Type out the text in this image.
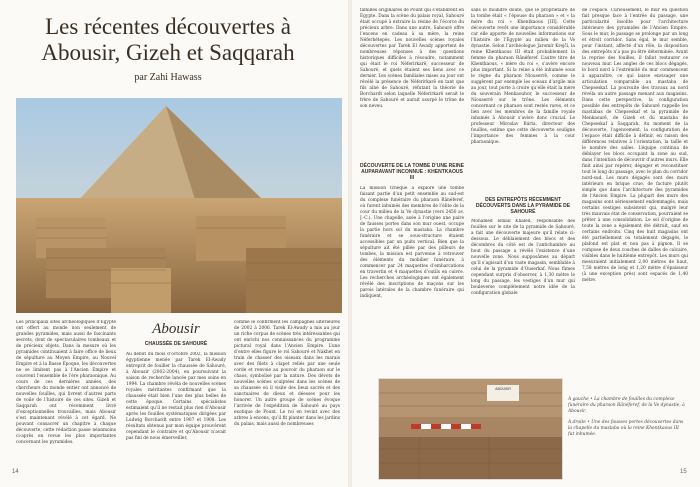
Les récentes découvertes à Abousir, Gizeh et Saqqarah
par Zahi Hawass

Les principaux sites archéologiques d’Égypte ont offert au monde non seulement de grandes pyramides, mais aussi de fascinants secrets, dont de spectaculaires tombeaux et de précieux objets. Dans la mesure où les pyramides continuaient à faire office de lieux de sépulture au Moyen Empire, au Nouvel Empire et à la Basse Époque, les découvertes ne se limitent pas à l’Ancien Empire et couvrent l’ensemble de l’ère pharaonique. Au cours de ces dernières années, des chercheurs du monde entier ont annoncé de nouvelles fouilles, qui livrent d’autres parts de voile de l’histoire de ces sites. Gizeh et Saqqarah ont récemment livré d’exceptionnelles trouvailles, mais Abousir s’est maintenant révélé à cet égard. Ne pouvant consacrer un chapitre à chaque découverte, cette rédaction passe néanmoins ci-après en revue les plus importantes concernant les pyramides.

Abousir
CHAUSSÉE DE SAHOURÉ

Au début du mois d’octobre 2002, la mission égyptienne menée par Tarek El-Awady entreprit de fouiller la chaussée de Sahouré, à Abousir (2002-2004), en poursuivant la saison de recherche lancée par mes soins en 1994. La chambre révéla de nouvelles scènes royales méritantes confirmant que la chaussée était bien l’une des plus belles de cette époque. Certains spécialistes estimaient qu’il ne restait plus rien d’Abousir après les fouilles systématiques dirigées par Ludwig Borchardt entre 1907 et 1908. Les résultats obtenus par mon équipe prouvèrent cependant le contraire et qu’Abousir n’avait pas fini de nous émerveiller,

comme le confirment les campagnes ultérieures de 2002 à 2006. Tarek El-Awady a mis au jour un riche corpus de scènes très intéressantes qui ont enrichi nos connaissances du programme pictural royal dans l’Ancien Empire. L’une d’entre elles figure le roi Sahouré et Nakhet en train de chasser des oiseaux dans les marais avec des filets à clapet reliés par une seule corde et renvoie au pouvoir du pharaon sur le chaos, symbolisé par la nature. Des dévots de nouvelles scènes sculptées dans les scènes de sa chaussée où il visite des lieux sacrés et des sanctuaires de dieux et déesses pour les honorer. Un autre groupe de scènes évoque l’arrivée de l’expédition de Sahouré au pays exotique de Pount. Le roi en revint avec des arbres à encens, qu’il fit planter dans les jardins du palais, mais aussi de nombreuses

14

familles originaires de Pount qui s’établirent en Égypte. Dans la scène du palais royal, Sahouré était occupé à extraire la résine de l’écorce du précieux arbre. Dans une autre, Sahouré offre l’encens en cadeau à sa mère, la reine Néferhétepès. Les nouvelles scènes royales découvertes par Tarek El Awady apportent de nombreuses réponses à des questions historiques difficiles à résoudre, notamment qui était le roi Néferirkarê, successeur de Sahouré, et quels étaient ses liens avec ce dernier. Les scènes familiales mises au jour ont révélé la présence de Néferirkarê en tant que fils aîné de Sahouré, réfutant la théorie de Borchardt selon laquelle Néferirkarê serait le frère de Sahouré et aurait usurpé le trône de son neveu.

DÉCOUVERTE DE LA TOMBE D’UNE REINE AUPARAVANT INCONNUE : KHENTKAOUS III

La mission tchèque a exploré une tombe faisant partie d’un petit ensemble au sud-est du complexe funéraire du pharaon Rânéferef, où furent inhumés des membres de l’élite de la cour du milieu de la Ve dynastie (vers 2450 av. J.-C.). Une chapelle, axée à l’origine une paire de fausses portes dans son mur ouest, occupe la partie hors sol du mastaba. La chambre funéraire et se sous-structure étaient accessibles par un puits vertical. Bien que la sépulture ait été pillée par des pilleurs de tombes, la mission est parvenue à retrouver des éléments du mobilier funéraire, à commencer par 24 maquettes d’embarcations en travertin et 4 maquettes d’outils en cuivre. Les recherches archéologiques ont également révélé des inscriptions de maçons sur les parois latérales de la chambre funéraire qui indiquent,

sans le moindre doute, que le propriétaire de la tombe était « l’épouse du pharaon » et « la mère du roi » Khentkaous [III]. Cette découverte revêt une importance considérable car elle apporte de nouvelles informations sur l’histoire de l’Égypte au milieu de la Ve dynastie. Selon l’archéologue Jaromír Krejčí, la reine Khentkaous III était probablement la femme du pharaon Rânéferef. L’autre titre de Khentkaous, « mère du roi », s’avère encore plus important. Si la reine a été inhumée sous le règne du pharaon Niouserrê, comme le suggèrent par exemple les sceaux d’argile mis au jour, tout porte à croire qu’elle était la mère du souverain Menkaouhor, le successeur de Niouserrê sur le trône. Les éléments concernant ce pharaon sont restés rares, et ce lien avec les membres de la famille royale inhumés à Abousir s’avère donc crucial. Le professeur Miroslav Bárta, directeur des fouilles, estime que cette découverte souligne l’importance des femmes à la cour pharaonique.

DES ENTREPÔTS RÉCEMMENT DÉCOUVERTS DANS LA PYRAMIDE DE SAHOURÉ

Mohamed Ismail Khaled, responsable des fouilles sur le site de la pyramide de Sahouré, a fait une découverte majeure qu’il relate ci-dessous. Le déblaiement des blocs et des décombres du côté est de l’antichambre au bout du passage a révélé l’existence d’une nouvelle zone. Nous supposâmes au départ qu’il s’agissait d’un vaste magasin, semblable à celui de la pyramide d’Ouserkaf. Nous fûmes cependant surpris d’observer, à 1,30 mètre le long du passage, les vestiges d’un mur qui bouleverse complètement notre idée de la configuration globale

de l’espace. Curieusement, le mur en question fait presque face à l’entrée du passage, une particularité insolite pour l’architecture intérieure des pyramides de l’Ancien Empire. Sous le mur, le passage se prolonge par un long et étroit corridor. Sans égal, le mur semble, pour l’instant, affecté d’un rôle, la disposition des entrepôts n’a pas pu être déterminée. Avant la reprise des fouilles, il fallut restaurer ce nouveau mur. Les angles de ces blocs dégagés, le bord nord à l’extrémité du mur commencent à apparaître, ce qui laisse envisager une articulation comparable au mastaba de Chepseskaf. La poursuite des travaux au nord révéla un autre passage menant aux magasins. Dans cette perspective, la configuration possible des entrepôts de Sahouré rappelle les mastabas de Chepseskaf et la pyramide de Menkaourê, de Gizeh et du mastaba de Chepseskaf à Saqqarah. Au moment de la découverte, l’agencement, la configuration de l’espace était difficile à définir, en raison des différences relatives à l’orientation, la taille et le nombre des salles. L’équipe continua de déblayer les blocs occupant la zone au sud, dans l’intention de découvrir d’autres murs. Elle finit ainsi par repérer, dégager et reconstituer tout le long du passage, avec le plan du corridor nord-sud. Les murs dégagés sont des murs intérieurs en brique crue, de facture plutôt simple que dans l’architecture des pyramides de l’Ancien Empire. La plupart des murs des magasins sont sérieusement endommagés, mais certains vestiges subsistent qui, malgré leur très mauvais état de conservation, pourraient se prêter à une consolidation. Le sol d’origine de toute la zone a également été détruit, sauf en certains endroits. Cinq des huit magasins ont été partiellement ou totalement dégagés, le plafond est plat et non pas à pignon. Il se compose de deux couches de dalles de calcaire, visibles dans le huitième entrepôt. Les murs qui mesuraient initialement 2,00 mètres de haut, 7,58 mètres de long et 1,20 mètre d’épaisseur (à une exception près) sont espacés de 1,40 mètre.

ABOUSIR

À gauche • La chambre de fouilles du complexe funéraire du pharaon Rânéferef, de la Ve dynastie, à Abousir.

À droite • Une des fausses portes découvertes dans la chapelle du mastaba où la reine Khentkaous III fut inhumée.

15
